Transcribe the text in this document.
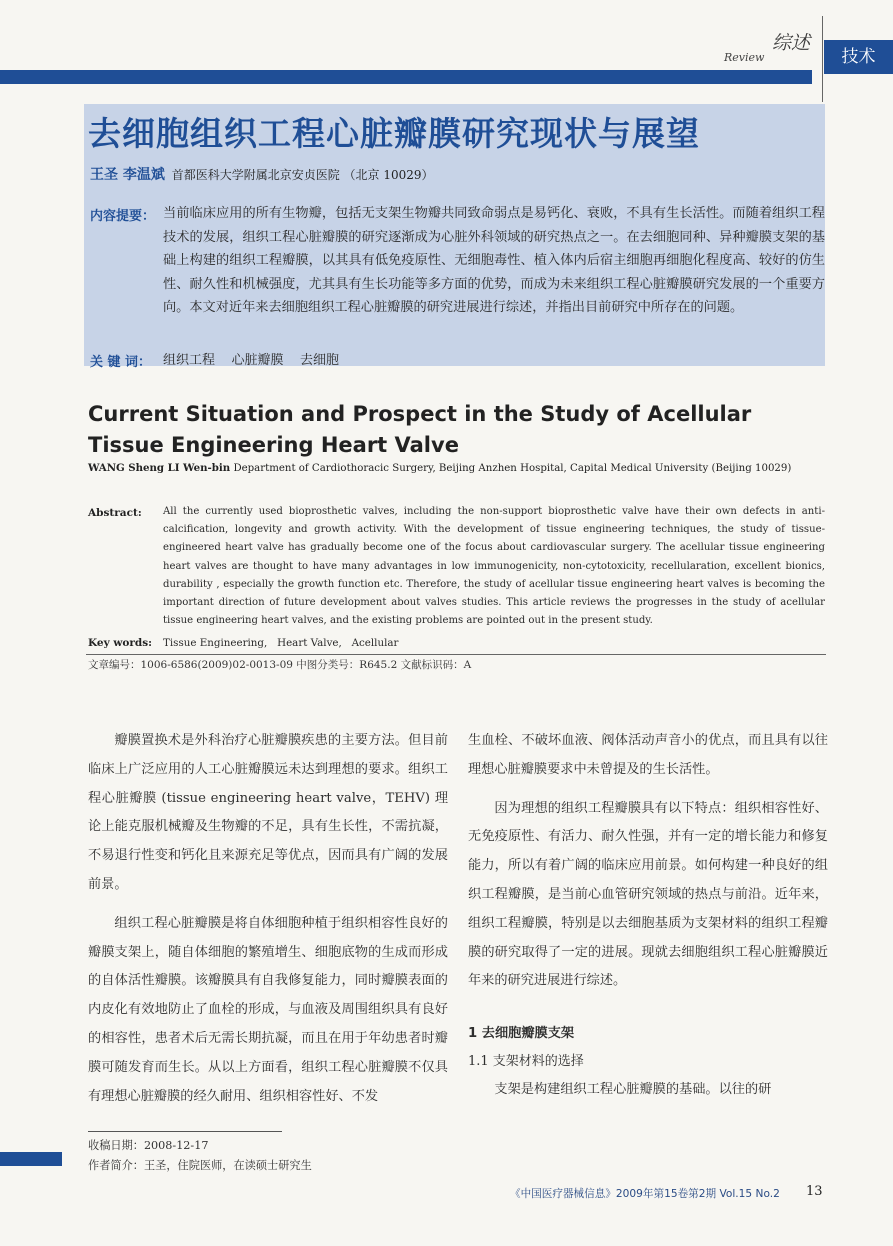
综述
Review	技术
去细胞组织工程心脏瓣膜研究现状与展望
王圣 李温斌 首都医科大学附属北京安贞医院 （北京 10029）
内容提要： 当前临床应用的所有生物瓣，包括无支架生物瓣共同致命弱点是易钙化、衰败，不具有生长活性。而随着组织工程技术的发展，组织工程心脏瓣膜的研究逐渐成为心脏外科领域的研究热点之一。在去细胞同种、异种瓣膜支架的基础上构建的组织工程瓣膜，以其具有低免疫原性、无细胞毒性、植入体内后宿主细胞再细胞化程度高、较好的仿生性、耐久性和机械强度，尤其具有生长功能等多方面的优势，而成为未来组织工程心脏瓣膜研究发展的一个重要方向。本文对近年来去细胞组织工程心脏瓣膜的研究进展进行综述，并指出目前研究中所存在的问题。
关 键 词： 组织工程    心脏瓣膜    去细胞
Current Situation and Prospect in the Study of Acellular Tissue Engineering Heart Valve
WANG Sheng LI Wen-bin Department of Cardiothoracic Surgery, Beijing Anzhen Hospital, Capital Medical University (Beijing 10029)
Abstract: All the currently used bioprosthetic valves, including the non-support bioprosthetic valve have their own defects in anti-calcification, longevity and growth activity. With the development of tissue engineering techniques, the study of tissue-engineered heart valve has gradually become one of the focus about cardiovascular surgery. The acellular tissue engineering heart valves are thought to have many advantages in low immunogenicity, non-cytotoxicity, recellularation, excellent bionics, durability , especially the growth function etc. Therefore, the study of acellular tissue engineering heart valves is becoming the important direction of future development about valves studies. This article reviews the progresses in the study of acellular tissue engineering heart valves, and the existing problems are pointed out in the present study.
Key words: Tissue Engineering,   Heart Valve,   Acellular
文章编号：1006-6586(2009)02-0013-09 中图分类号：R645.2 文献标识码：A

瓣膜置换术是外科治疗心脏瓣膜疾患的主要方法。但目前临床上广泛应用的人工心脏瓣膜远未达到理想的要求。组织工程心脏瓣膜 (tissue engineering heart valve，TEHV) 理论上能克服机械瓣及生物瓣的不足，具有生长性，不需抗凝，不易退行性变和钙化且来源充足等优点，因而具有广阔的发展前景。

组织工程心脏瓣膜是将自体细胞种植于组织相容性良好的瓣膜支架上，随自体细胞的繁殖增生、细胞底物的生成而形成的自体活性瓣膜。该瓣膜具有自我修复能力，同时瓣膜表面的内皮化有效地防止了血栓的形成，与血液及周围组织具有良好的相容性，患者术后无需长期抗凝，而且在用于年幼患者时瓣膜可随发育而生长。从以上方面看，组织工程心脏瓣膜不仅具有理想心脏瓣膜的经久耐用、组织相容性好、不发

生血栓、不破坏血液、阀体活动声音小的优点，而且具有以往理想心脏瓣膜要求中未曾提及的生长活性。

因为理想的组织工程瓣膜具有以下特点：组织相容性好、无免疫原性、有活力、耐久性强，并有一定的增长能力和修复能力，所以有着广阔的临床应用前景。如何构建一种良好的组织工程瓣膜，是当前心血管研究领域的热点与前沿。近年来，组织工程瓣膜，特别是以去细胞基质为支架材料的组织工程瓣膜的研究取得了一定的进展。现就去细胞组织工程心脏瓣膜近年来的研究进展进行综述。

1 去细胞瓣膜支架

1.1 支架材料的选择

支架是构建组织工程心脏瓣膜的基础。以往的研

收稿日期：2008-12-17
作者简介：王圣，住院医师，在读硕士研究生
《中国医疗器械信息》2009年第15卷第2期 Vol.15 No.2 13
